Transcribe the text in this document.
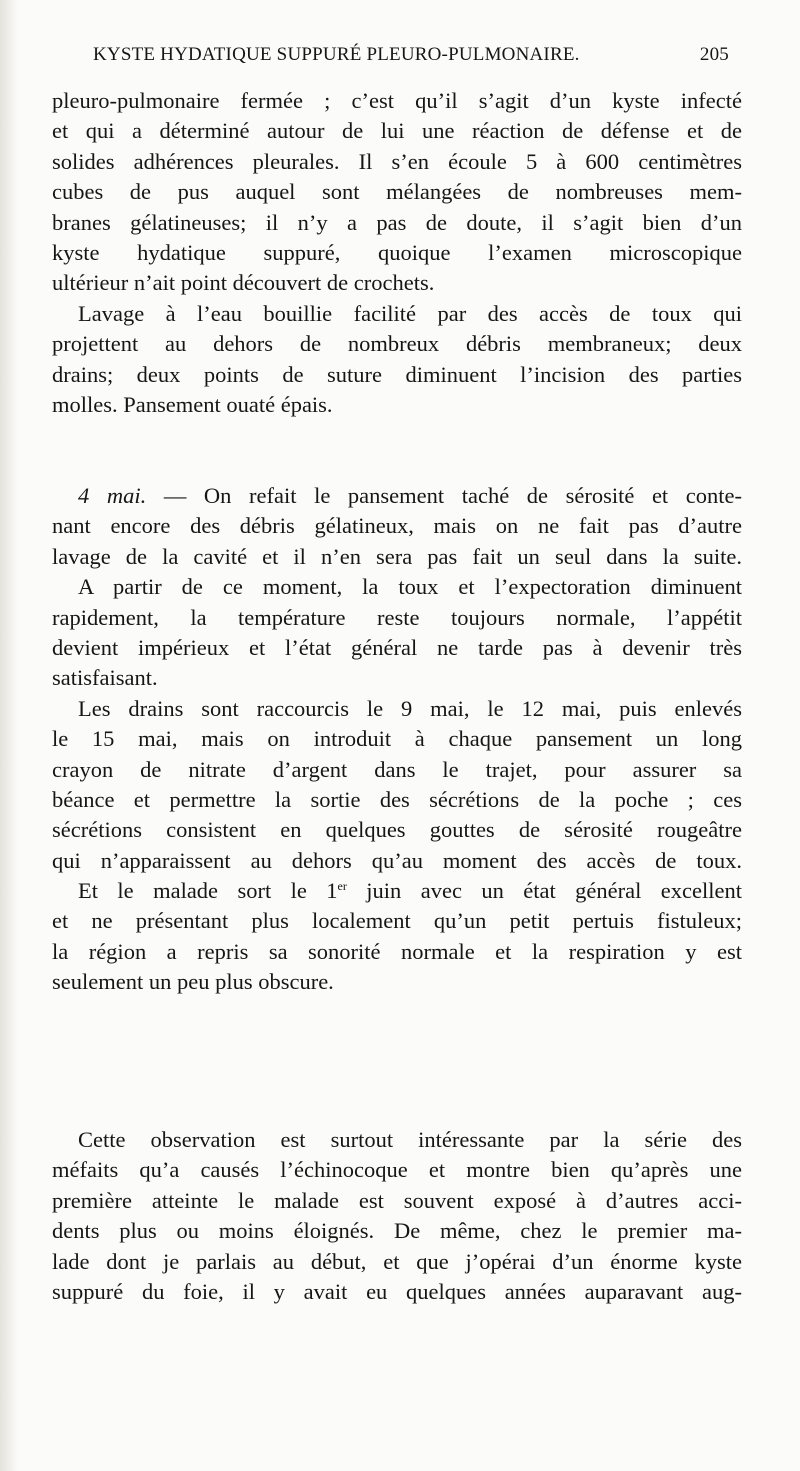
KYSTE HYDATIQUE SUPPURÉ PLEURO-PULMONAIRE.	205
pleuro-pulmonaire fermée ; c’est qu’il s’agit d’un kyste infecté
et qui a déterminé autour de lui une réaction de défense et de
solides adhérences pleurales. Il s’en écoule 5 à 600 centimètres
cubes de pus auquel sont mélangées de nombreuses mem-
branes gélatineuses; il n’y a pas de doute, il s’agit bien d’un
kyste hydatique suppuré, quoique l’examen microscopique
ultérieur n’ait point découvert de crochets.
Lavage à l’eau bouillie facilité par des accès de toux qui
projettent au dehors de nombreux débris membraneux; deux
drains; deux points de suture diminuent l’incision des parties
molles. Pansement ouaté épais.
4 mai. — On refait le pansement taché de sérosité et conte-
nant encore des débris gélatineux, mais on ne fait pas d’autre
lavage de la cavité et il n’en sera pas fait un seul dans la suite.
A partir de ce moment, la toux et l’expectoration diminuent
rapidement, la température reste toujours normale, l’appétit
devient impérieux et l’état général ne tarde pas à devenir très
satisfaisant.
Les drains sont raccourcis le 9 mai, le 12 mai, puis enlevés
le 15 mai, mais on introduit à chaque pansement un long
crayon de nitrate d’argent dans le trajet, pour assurer sa
béance et permettre la sortie des sécrétions de la poche ; ces
sécrétions consistent en quelques gouttes de sérosité rougeâtre
qui n’apparaissent au dehors qu’au moment des accès de toux.
Et le malade sort le 1er juin avec un état général excellent
et ne présentant plus localement qu’un petit pertuis fistuleux;
la région a repris sa sonorité normale et la respiration y est
seulement un peu plus obscure.
Cette observation est surtout intéressante par la série des
méfaits qu’a causés l’échinocoque et montre bien qu’après une
première atteinte le malade est souvent exposé à d’autres acci-
dents plus ou moins éloignés. De même, chez le premier ma-
lade dont je parlais au début, et que j’opérai d’un énorme kyste
suppuré du foie, il y avait eu quelques années auparavant aug-
